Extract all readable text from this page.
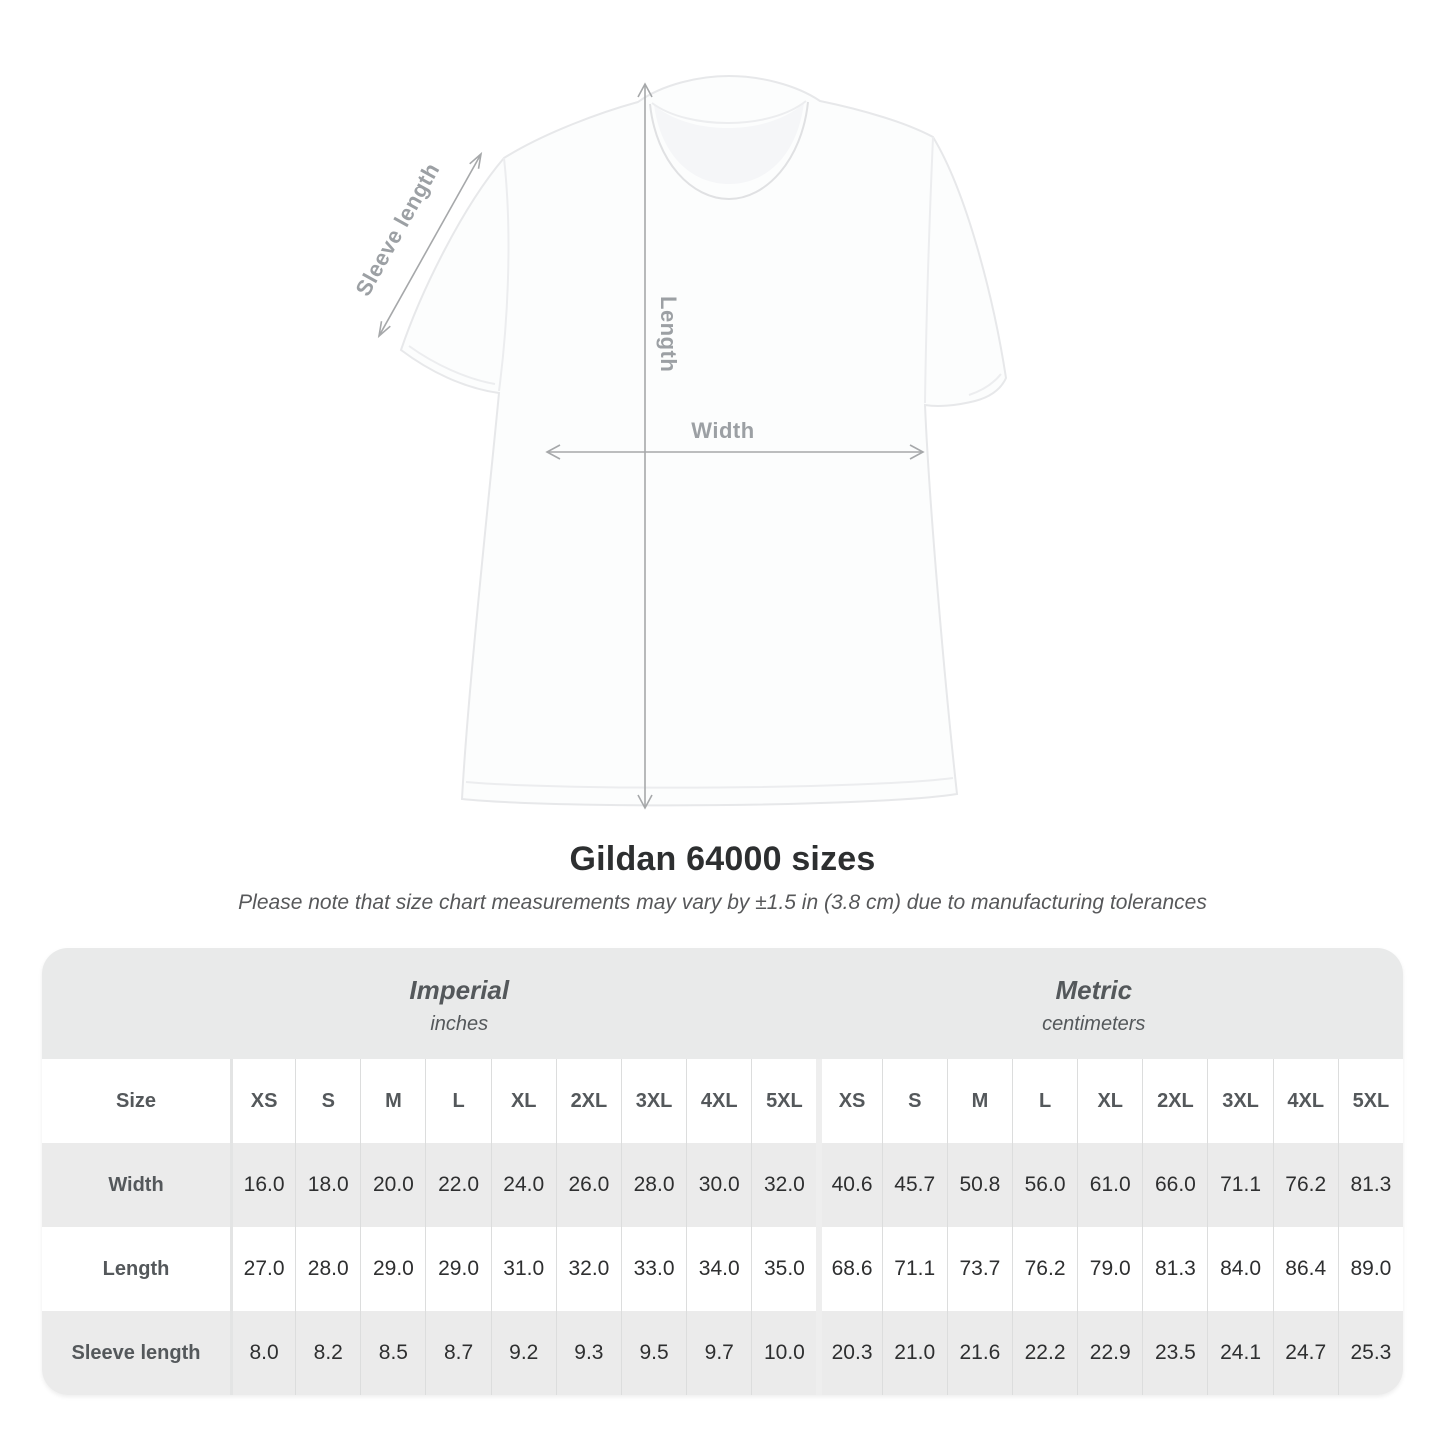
Width
Length
Sleeve length
Gildan 64000 sizes

Please note that size chart measurements may vary by ±1.5 in (3.8 cm) due to manufacturing tolerances

Imperial
inches
Metric
centimeters
Size	XS	S	M	L	XL	2XL	3XL	4XL	5XL	XS	S	M	L	XL	2XL	3XL	4XL	5XL
Width	16.0	18.0	20.0	22.0	24.0	26.0	28.0	30.0	32.0	40.6	45.7	50.8	56.0	61.0	66.0	71.1	76.2	81.3
Length	27.0	28.0	29.0	29.0	31.0	32.0	33.0	34.0	35.0	68.6	71.1	73.7	76.2	79.0	81.3	84.0	86.4	89.0
Sleeve length	8.0	8.2	8.5	8.7	9.2	9.3	9.5	9.7	10.0	20.3	21.0	21.6	22.2	22.9	23.5	24.1	24.7	25.3
